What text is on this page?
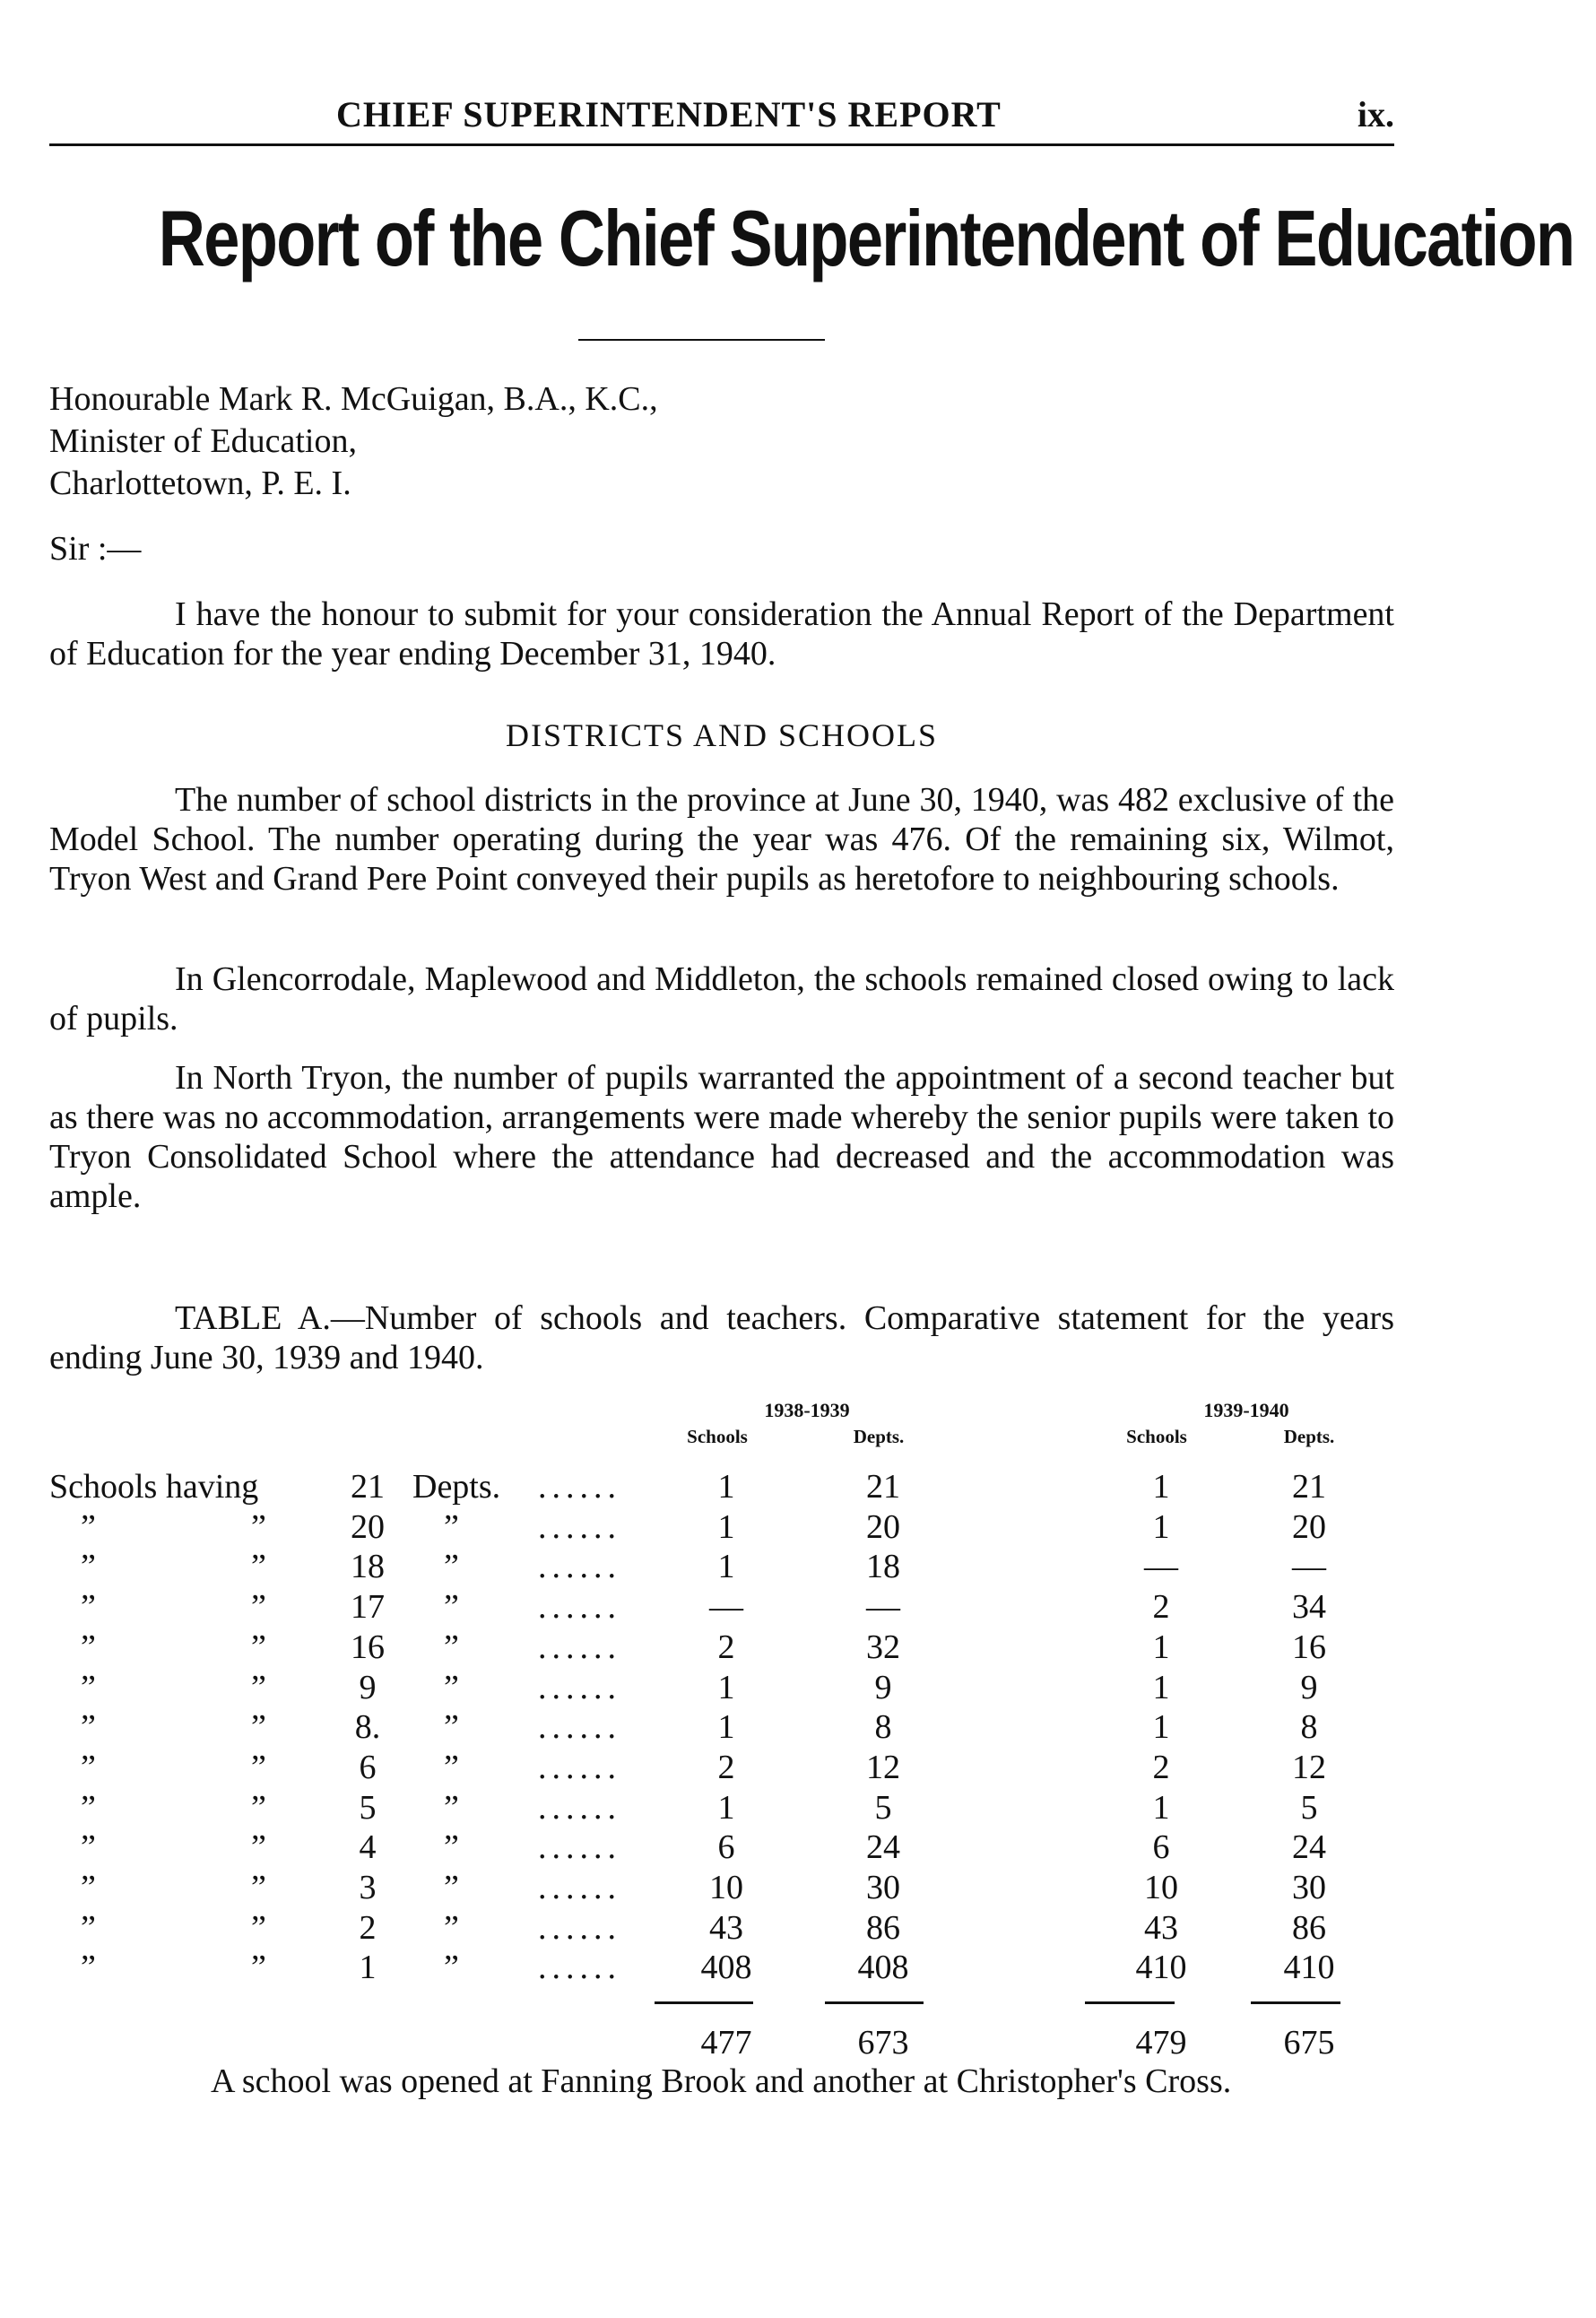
CHIEF SUPERINTENDENT'S REPORT	ix.
Report of the Chief Superintendent of Education
Honourable Mark R. McGuigan, B.A., K.C.,
Minister of Education,
Charlottetown, P. E. I.
Sir :—

I have the honour to submit for your consideration the Annual Report of the Department of Education for the year ending December 31, 1940.

DISTRICTS AND SCHOOLS

The number of school districts in the province at June 30, 1940, was 482 exclusive of the Model School. The number operating during the year was 476. Of the remaining six, Wilmot, Tryon West and Grand Pere Point conveyed their pupils as heretofore to neighbouring schools.

In Glencorrodale, Maplewood and Middleton, the schools remained closed owing to lack of pupils.

In North Tryon, the number of pupils warranted the appointment of a second teacher but as there was no accommodation, arrangements were made whereby the senior pupils were taken to Tryon Consolidated School where the attendance had decreased and the accommodation was ample.

TABLE A.—Number of schools and teachers. Comparative statement for the years ending June 30, 1939 and 1940.

1938-1939	1939-1940
Schools	Depts.	Schools	Depts.
Schools having	21 Depts. ......	1	21	1	21
”	”	20	” ......	1	20	1	20
”	”	18	” ......	1	18	—	—
”	”	17	” ......	—	—	2	34
”	”	16	” ......	2	32	1	16
”	”	9	” ......	1	9	1	9
”	”	8.	” ......	1	8	1	8
”	”	6	” ......	2	12	2	12
”	”	5	” ......	1	5	1	5
”	”	4	” ......	6	24	6	24
”	”	3	” ......	10	30	10	30
”	”	2	” ......	43	86	43	86
”	”	1	” ......	408	408	410	410
477	673	479	675

A school was opened at Fanning Brook and another at Christopher's Cross.
